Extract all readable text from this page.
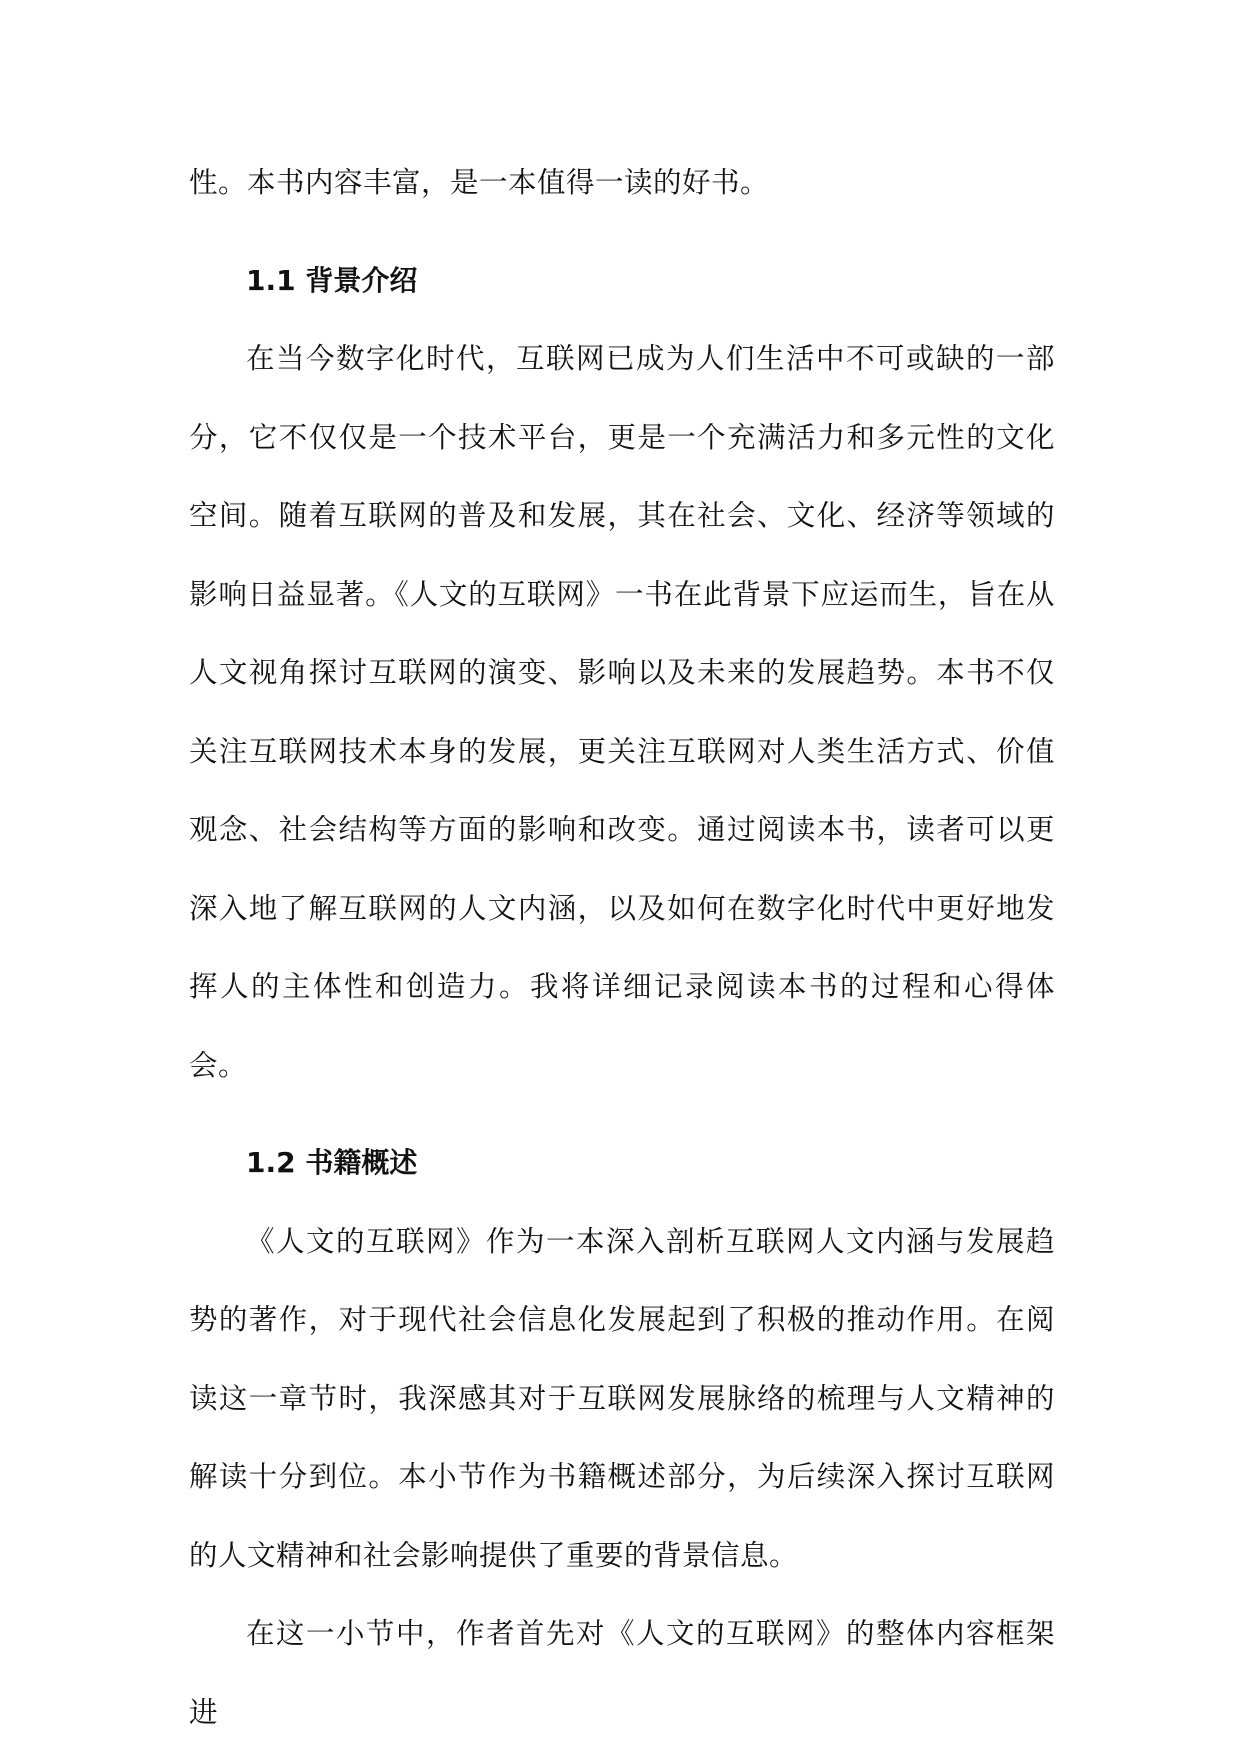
性。本书内容丰富，是一本值得一读的好书。

1.1 背景介绍

在当今数字化时代，互联网已成为人们生活中不可或缺的一部分，它不仅仅是一个技术平台，更是一个充满活力和多元性的文化空间。随着互联网的普及和发展，其在社会、文化、经济等领域的影响日益显著。《人文的互联网》一书在此背景下应运而生，旨在从人文视角探讨互联网的演变、影响以及未来的发展趋势。本书不仅关注互联网技术本身的发展，更关注互联网对人类生活方式、价值观念、社会结构等方面的影响和改变。通过阅读本书，读者可以更深入地了解互联网的人文内涵，以及如何在数字化时代中更好地发挥人的主体性和创造力。我将详细记录阅读本书的过程和心得体会。

1.2 书籍概述

《人文的互联网》作为一本深入剖析互联网人文内涵与发展趋势的著作，对于现代社会信息化发展起到了积极的推动作用。在阅读这一章节时，我深感其对于互联网发展脉络的梳理与人文精神的解读十分到位。本小节作为书籍概述部分，为后续深入探讨互联网的人文精神和社会影响提供了重要的背景信息。

在这一小节中，作者首先对《人文的互联网》的整体内容框架进
